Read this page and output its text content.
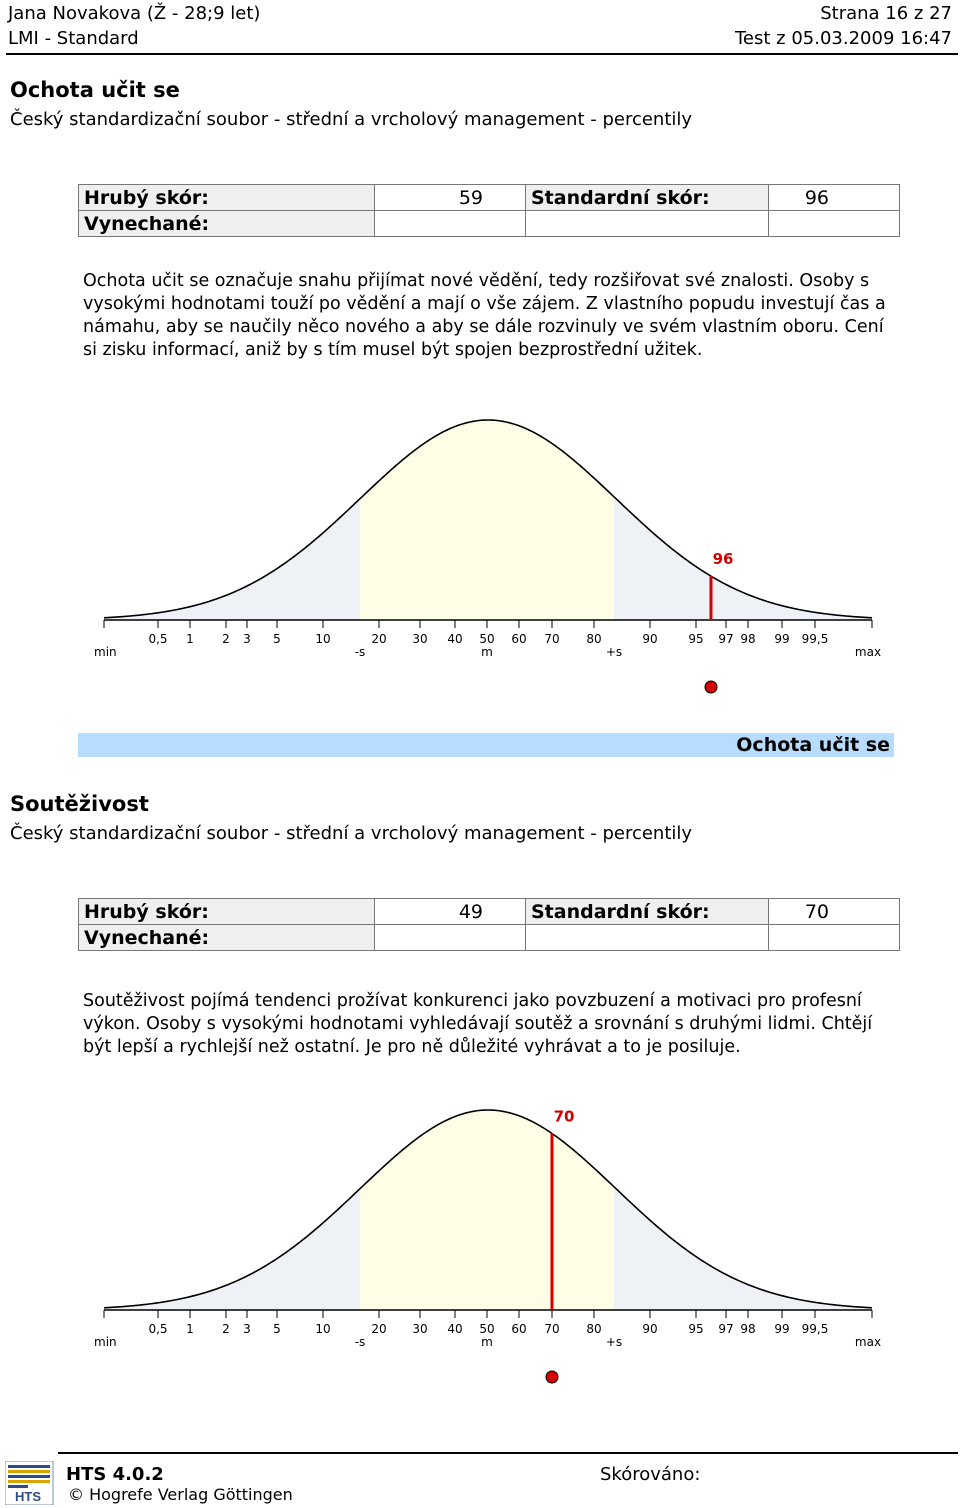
Jana Novakova (Ž - 28;9 let)	Strana 16 z 27
LMI - Standard	Test z 05.03.2009 16:47
Ochota učit se
Český standardizační soubor - střední a vrcholový management - percentily
Hrubý skór:	59	Standardní skór:	96
Vynechané:			
Ochota učit se označuje snahu přijímat nové vědění, tedy rozšiřovat své znalosti. Osoby s vysokými hodnotami touží po vědění a mají o vše zájem. Z vlastního popudu investují čas a námahu, aby se naučily něco nového a aby se dále rozvinuly ve svém vlastním oboru. Cení si zisku informací, aniž by s tím musel být spojen bezprostřední užitek.
0,5 1 2 3 5	10	20 30 40 50 60 70 80	90	95 97 98 99 99,5
min	-s	m	+s	max
96
Ochota učit se
Soutěživost
Český standardizační soubor - střední a vrcholový management - percentily
Hrubý skór:	49	Standardní skór:	70
Vynechané:			
Soutěživost pojímá tendenci prožívat konkurenci jako povzbuzení a motivaci pro profesní výkon. Osoby s vysokými hodnotami vyhledávají soutěž a srovnání s druhými lidmi. Chtějí být lepší a rychlejší než ostatní. Je pro ně důležité vyhrávat a to je posiluje.
0,5 1 2 3 5	10	20 30 40 50 60 70 80	90	95 97 98 99 99,5
min	-s	m	+s	max
70
HTS
HTS 4.0.2
© Hogrefe Verlag Göttingen
Skórováno:
